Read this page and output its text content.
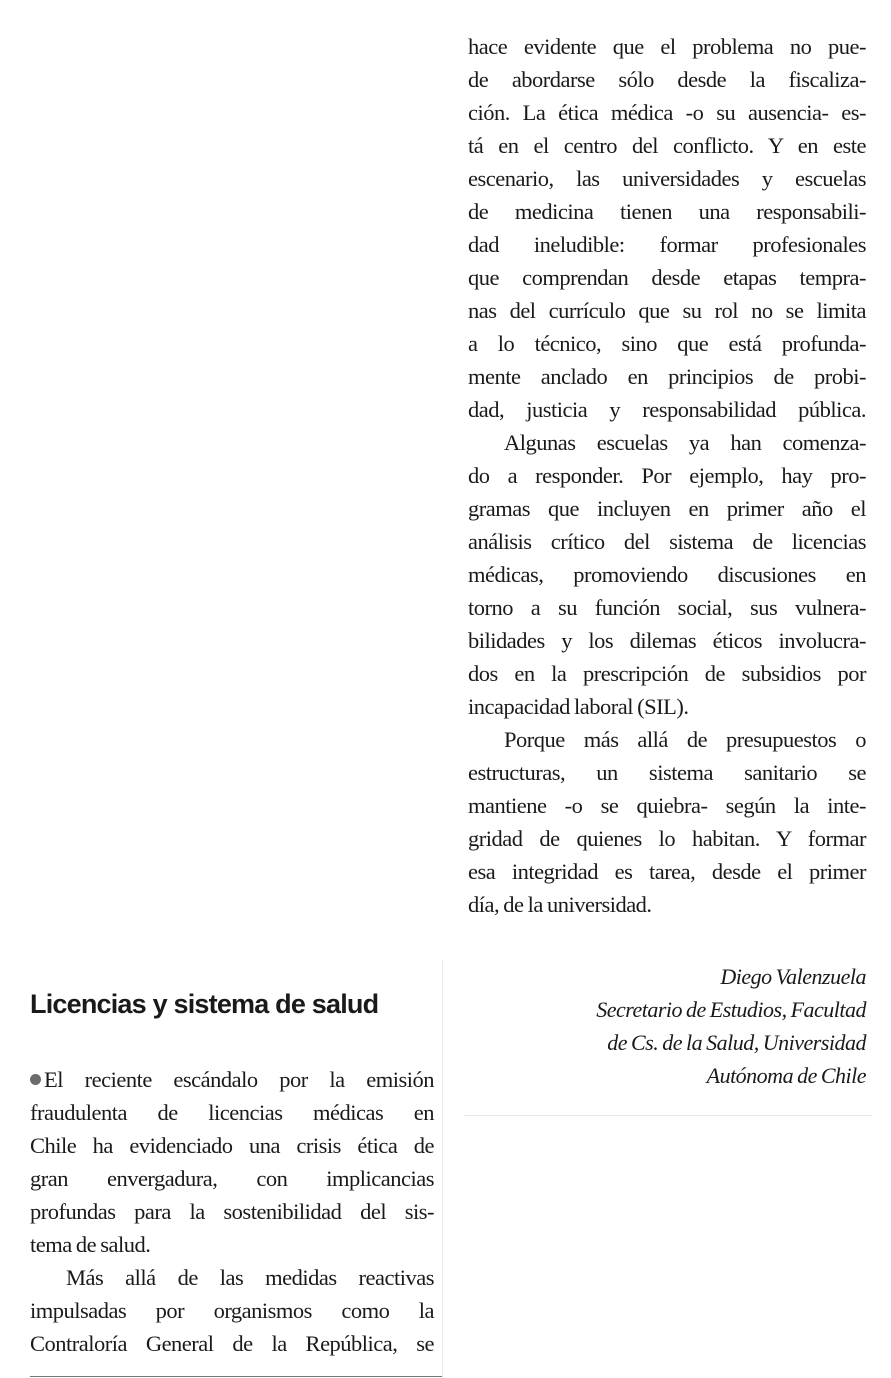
hace evidente que el problema no pue-
de abordarse sólo desde la fiscaliza-
ción. La ética médica -o su ausencia- es-
tá en el centro del conflicto. Y en este
escenario, las universidades y escuelas
de medicina tienen una responsabili-
dad ineludible: formar profesionales
que comprendan desde etapas tempra-
nas del currículo que su rol no se limita
a lo técnico, sino que está profunda-
mente anclado en principios de probi-
dad, justicia y responsabilidad pública.
Algunas escuelas ya han comenza-
do a responder. Por ejemplo, hay pro-
gramas que incluyen en primer año el
análisis crítico del sistema de licencias
médicas, promoviendo discusiones en
torno a su función social, sus vulnera-
bilidades y los dilemas éticos involucra-
dos en la prescripción de subsidios por
incapacidad laboral (SIL).
Porque más allá de presupuestos o
estructuras, un sistema sanitario se
mantiene -o se quiebra- según la inte-
gridad de quienes lo habitan. Y formar
esa integridad es tarea, desde el primer
día, de la universidad.
Diego Valenzuela
Secretario de Estudios, Facultad
de Cs. de la Salud, Universidad
Autónoma de Chile
Licencias y sistema de salud
El reciente escándalo por la emisión
fraudulenta de licencias médicas en
Chile ha evidenciado una crisis ética de
gran envergadura, con implicancias
profundas para la sostenibilidad del sis-
tema de salud.
Más allá de las medidas reactivas
impulsadas por organismos como la
Contraloría General de la República, se
